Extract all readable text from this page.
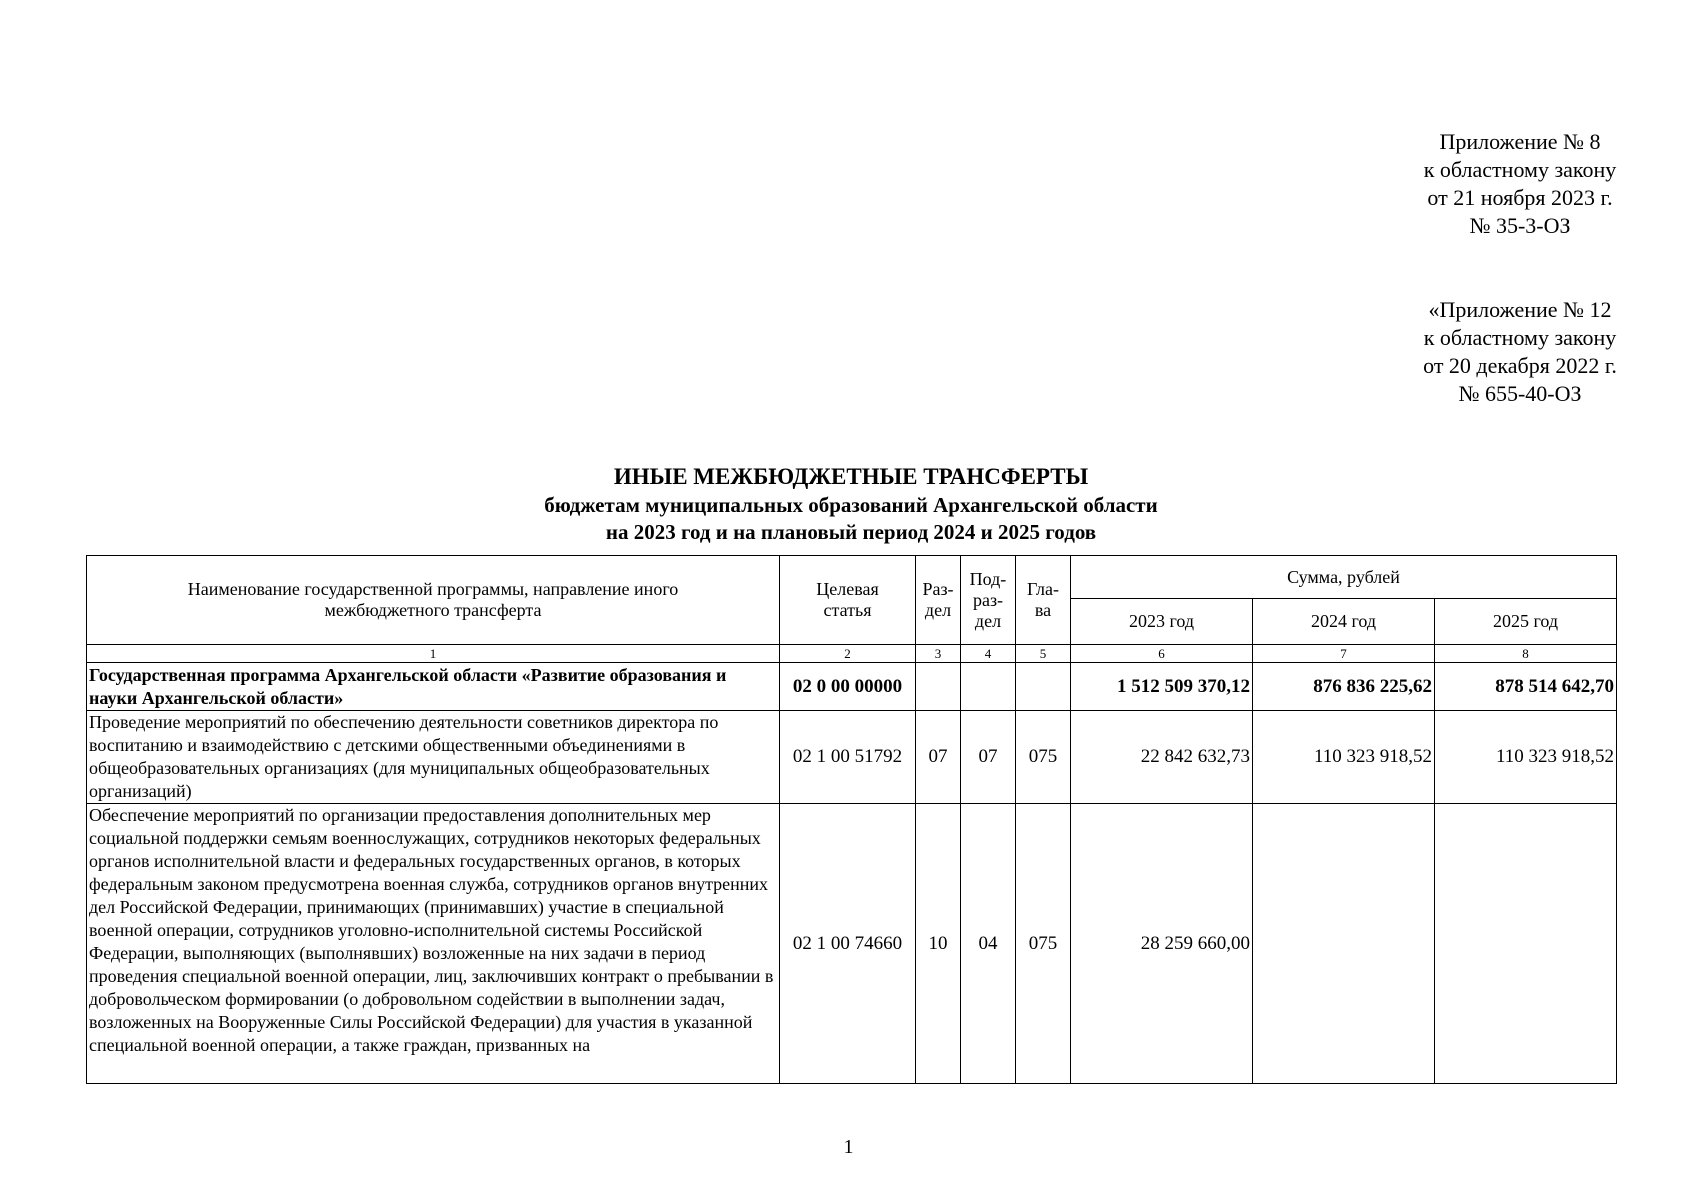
Приложение № 8
к областному закону
от 21 ноября 2023 г.
№ 35-3-ОЗ
«Приложение № 12
к областному закону
от 20 декабря 2022 г.
№ 655-40-ОЗ
ИНЫЕ МЕЖБЮДЖЕТНЫЕ ТРАНСФЕРТЫ
бюджетам муниципальных образований Архангельской области
на 2023 год и на плановый период 2024 и 2025 годов
Наименование государственной программы, направление иного межбюджетного трансферта	Целевая статья	Раз-дел	Под-раз-дел	Гла-ва	Сумма, рублей		
					2023 год	2024 год	2025 год
1	2	3	4	5	6	7	8
Государственная программа Архангельской области «Развитие образования и науки Архангельской области»	02 0 00 00000				1 512 509 370,12	876 836 225,62	878 514 642,70
Проведение мероприятий по обеспечению деятельности советников директора по воспитанию и взаимодействию с детскими общественными объединениями в общеобразовательных организациях (для муниципальных общеобразовательных организаций)	02 1 00 51792	07	07	075	22 842 632,73	110 323 918,52	110 323 918,52

Обеспечение мероприятий по организации предоставления дополнительных мер социальной поддержки семьям военнослужащих, сотрудников некоторых федеральных органов исполнительной власти и федеральных государственных органов, в которых федеральным законом предусмотрена военная служба, сотрудников органов внутренних дел Российской Федерации, принимающих (принимавших) участие в специальной военной операции, сотрудников уголовно-исполнительной системы Российской Федерации, выполняющих (выполнявших) возложенные на них задачи в период проведения специальной военной операции, лиц, заключивших контракт о пребывании в добровольческом формировании (о добровольном содействии в выполнении задач, возложенных на Вооруженные Силы Российской Федерации) для участия в указанной специальной военной операции, а также граждан, призванных на	02 1 00 74660	10	04	075	28 259 660,00		
1
